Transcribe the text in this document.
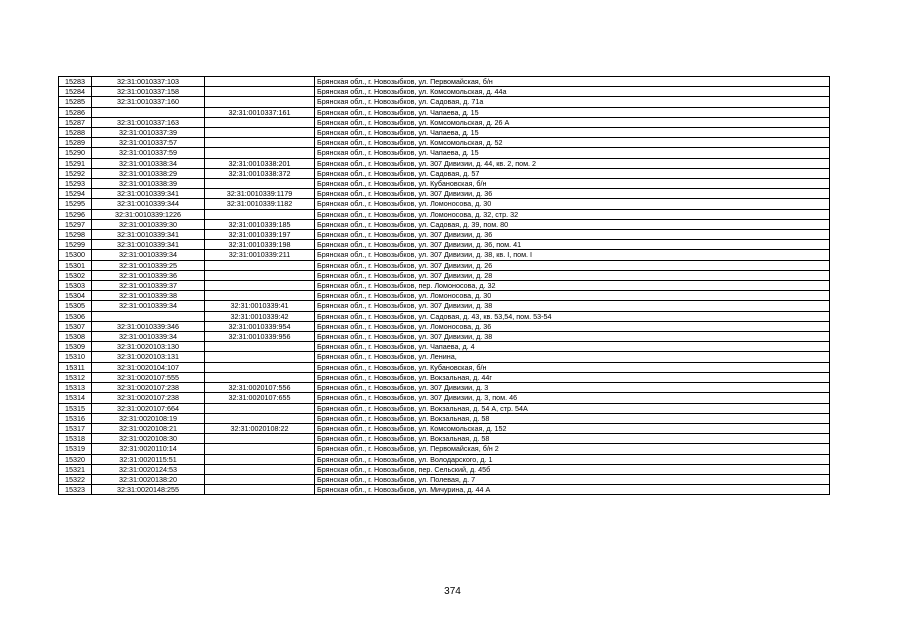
15283	32:31:0010337:103		Брянская обл., г. Новозыбков, ул. Первомайская, б/н
15284	32:31:0010337:158		Брянская обл., г. Новозыбков, ул. Комсомольская, д. 44а
15285	32:31:0010337:160		Брянская обл., г. Новозыбков, ул. Садовая, д. 71а
15286		32:31:0010337:161	Брянская обл., г. Новозыбков, ул. Чапаева, д. 15
15287	32:31:0010337:163		Брянская обл., г. Новозыбков, ул. Комсомольская, д. 26 А
15288	32:31:0010337:39		Брянская обл., г. Новозыбков, ул. Чапаева, д. 15
15289	32:31:0010337:57		Брянская обл., г. Новозыбков, ул. Комсомольская, д. 52
15290	32:31:0010337:59		Брянская обл., г. Новозыбков, ул. Чапаева, д. 15
15291	32:31:0010338:34	32:31:0010338:201	Брянская обл., г. Новозыбков, ул. 307 Дивизии, д. 44, кв. 2, пом. 2
15292	32:31:0010338:29	32:31:0010338:372	Брянская обл., г. Новозыбков, ул. Садовая, д. 57
15293	32:31:0010338:39		Брянская обл., г. Новозыбков, ул. Кубановская, б/н
15294	32:31:0010339:341	32:31:0010339:1179	Брянская обл., г. Новозыбков, ул. 307 Дивизии, д. 36
15295	32:31:0010339:344	32:31:0010339:1182	Брянская обл., г. Новозыбков, ул. Ломоносова, д. 30
15296	32:31:0010339:1226		Брянская обл., г. Новозыбков, ул. Ломоносова, д. 32, стр. 32
15297	32:31:0010339:30	32:31:0010339:185	Брянская обл., г. Новозыбков, ул. Садовая, д. 39, пом. 80
15298	32:31:0010339:341	32:31:0010339:197	Брянская обл., г. Новозыбков, ул. 307 Дивизии, д. 36
15299	32:31:0010339:341	32:31:0010339:198	Брянская обл., г. Новозыбков, ул. 307 Дивизии, д. 36, пом. 41
15300	32:31:0010339:34	32:31:0010339:211	Брянская обл., г. Новозыбков, ул. 307 Дивизии, д. 38, кв. I, пом. I
15301	32:31:0010339:25		Брянская обл., г. Новозыбков, ул. 307 Дивизии, д. 26
15302	32:31:0010339:36		Брянская обл., г. Новозыбков, ул. 307 Дивизии, д. 28
15303	32:31:0010339:37		Брянская обл., г. Новозыбков, пер. Ломоносова, д. 32
15304	32:31:0010339:38		Брянская обл., г. Новозыбков, ул. Ломоносова, д. 30
15305	32:31:0010339:34	32:31:0010339:41	Брянская обл., г. Новозыбков, ул. 307 Дивизии, д. 38
15306		32:31:0010339:42	Брянская обл., г. Новозыбков, ул. Садовая, д. 43, кв. 53,54, пом. 53-54
15307	32:31:0010339:346	32:31:0010339:954	Брянская обл., г. Новозыбков, ул. Ломоносова, д. 36
15308	32:31:0010339:34	32:31:0010339:956	Брянская обл., г. Новозыбков, ул. 307 Дивизии, д. 38
15309	32:31:0020103:130		Брянская обл., г. Новозыбков, ул. Чапаева, д. 4
15310	32:31:0020103:131		Брянская обл., г. Новозыбков, ул. Ленина,
15311	32:31:0020104:107		Брянская обл., г. Новозыбков, ул. Кубановская, б/н
15312	32:31:0020107:555		Брянская обл., г. Новозыбков, ул. Вокзальная, д. 44г
15313	32:31:0020107:238	32:31:0020107:556	Брянская обл., г. Новозыбков, ул. 307 Дивизии, д. 3
15314	32:31:0020107:238	32:31:0020107:655	Брянская обл., г. Новозыбков, ул. 307 Дивизии, д. 3, пом. 46
15315	32:31:0020107:664		Брянская обл., г. Новозыбков, ул. Вокзальная, д. 54 А, стр. 54А
15316	32:31:0020108:19		Брянская обл., г. Новозыбков, ул. Вокзальная, д. 58
15317	32:31:0020108:21	32:31:0020108:22	Брянская обл., г. Новозыбков, ул. Комсомольская, д. 152
15318	32:31:0020108:30		Брянская обл., г. Новозыбков, ул. Вокзальная, д. 58
15319	32:31:0020110:14		Брянская обл., г. Новозыбков, ул. Первомайская, б/н 2
15320	32:31:0020115:51		Брянская обл., г. Новозыбков, ул. Володарского, д. 1
15321	32:31:0020124:53		Брянская обл., г. Новозыбков, пер. Сельский, д. 45б
15322	32:31:0020138:20		Брянская обл., г. Новозыбков, ул. Полевая, д. 7
15323	32:31:0020148:255		Брянская обл., г. Новозыбков, ул. Мичурина, д. 44 А
374
